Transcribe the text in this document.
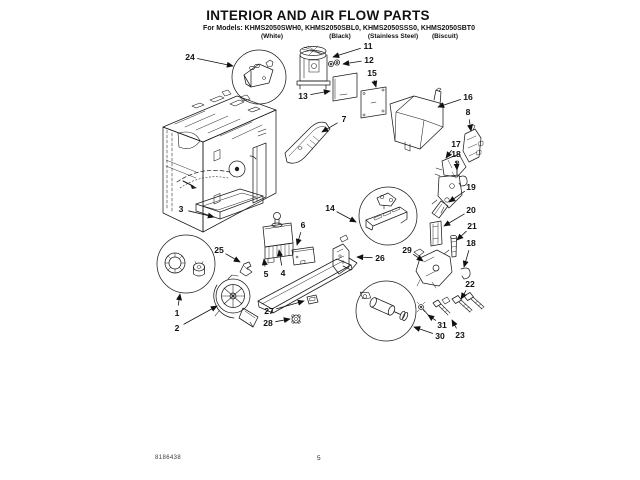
INTERIOR AND AIR FLOW PARTS
For Models: KHMS2050SWH0, KHMS2050SBL0, KHMS2050SSS0, KHMS2050SBT0
(White)	(Black)	(Stainless Steel) (Biscuit)
24
11
12
15
13	16
7
8
17
18
3	14
19
20
21
18
29
26
25
5 4
6
27
28
1
2
22
31
30 23
8186438	5
